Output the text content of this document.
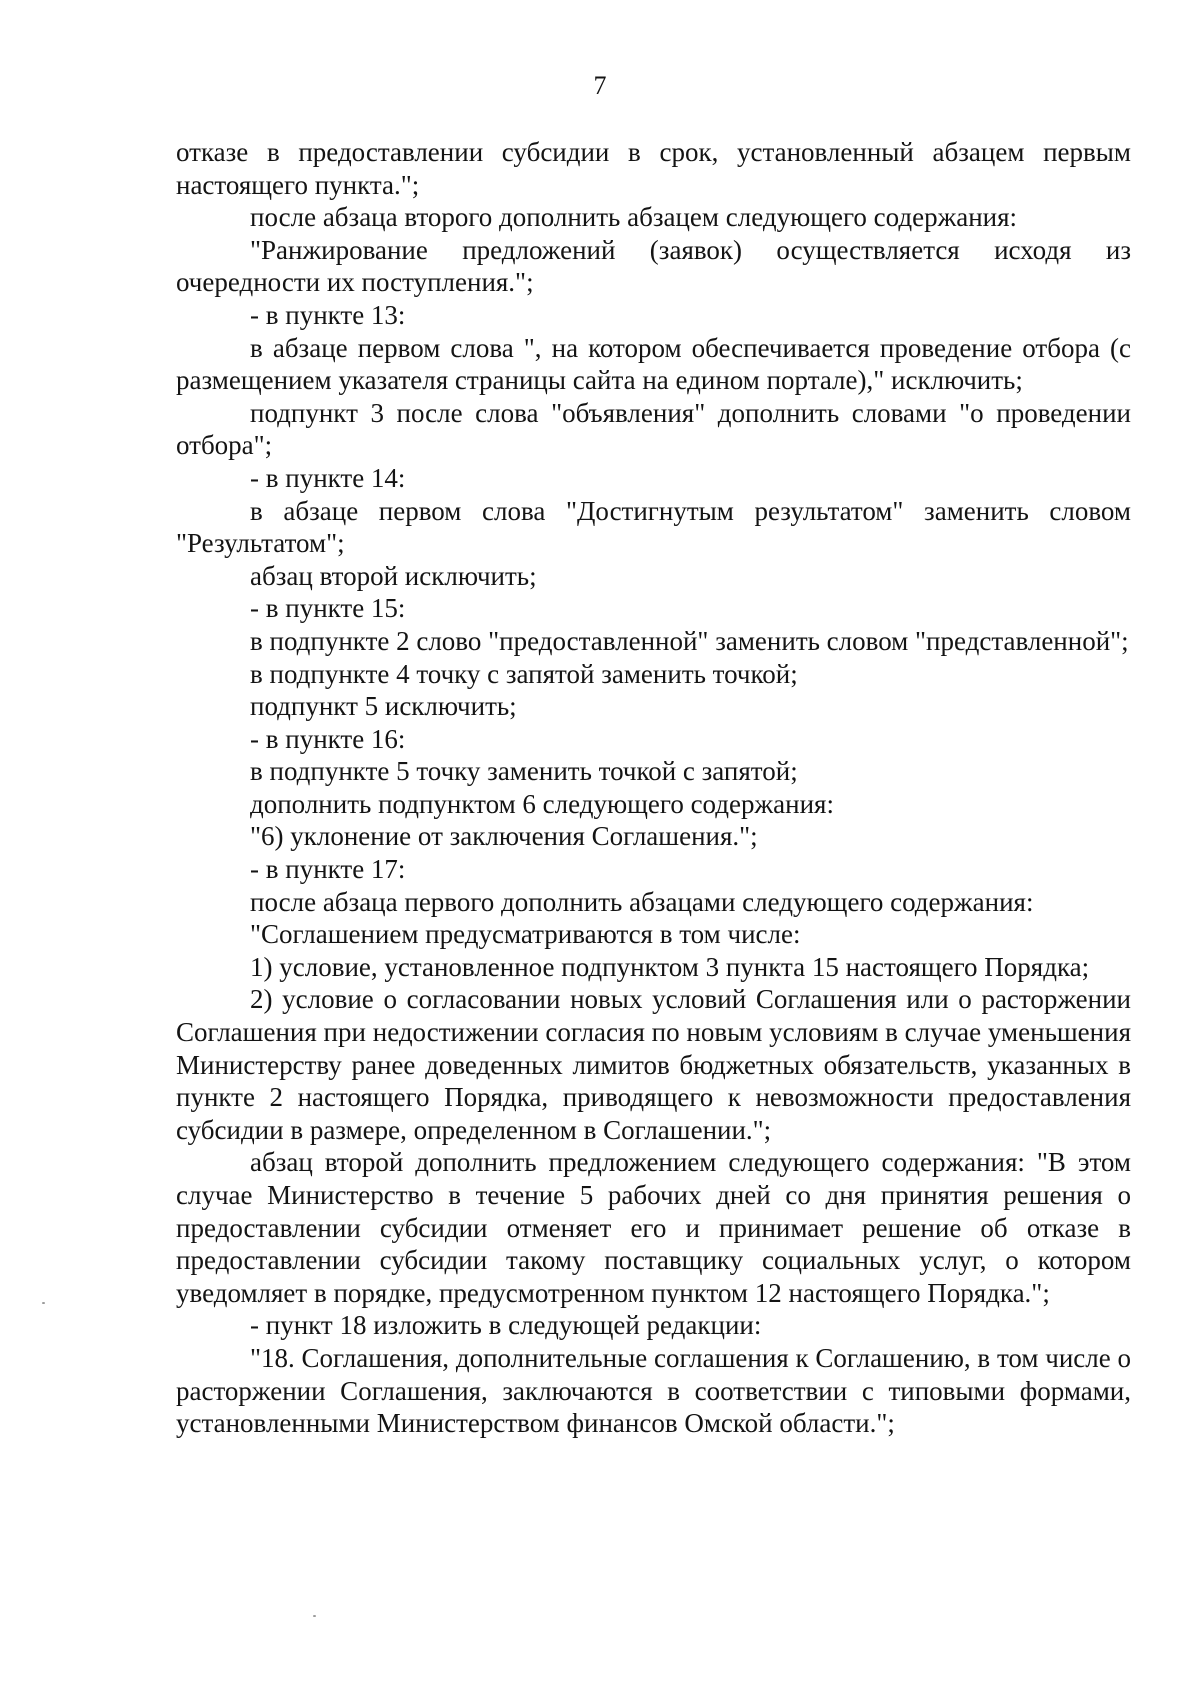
7

отказе в предоставлении субсидии в срок, установленный абзацем первым настоящего пункта.";

после абзаца второго дополнить абзацем следующего содержания:

"Ранжирование предложений (заявок) осуществляется исходя из очередности их поступления.";

- в пункте 13:

в абзаце первом слова ", на котором обеспечивается проведение отбора (с размещением указателя страницы сайта на едином портале)," исключить;

подпункт 3 после слова "объявления" дополнить словами "о проведении отбора";

- в пункте 14:

в абзаце первом слова "Достигнутым результатом" заменить словом "Результатом";

абзац второй исключить;

- в пункте 15:

в подпункте 2 слово "предоставленной" заменить словом "представленной";

в подпункте 4 точку с запятой заменить точкой;

подпункт 5 исключить;

- в пункте 16:

в подпункте 5 точку заменить точкой с запятой;

дополнить подпунктом 6 следующего содержания:

"6) уклонение от заключения Соглашения.";

- в пункте 17:

после абзаца первого дополнить абзацами следующего содержания:

"Соглашением предусматриваются в том числе:

1) условие, установленное подпунктом 3 пункта 15 настоящего Порядка;

2) условие о согласовании новых условий Соглашения или о расторжении Соглашения при недостижении согласия по новым условиям в случае уменьшения Министерству ранее доведенных лимитов бюджетных обязательств, указанных в пункте 2 настоящего Порядка, приводящего к невозможности предоставления субсидии в размере, определенном в Соглашении.";

абзац второй дополнить предложением следующего содержания: "В этом случае Министерство в течение 5 рабочих дней со дня принятия решения о предоставлении субсидии отменяет его и принимает решение об отказе в предоставлении субсидии такому поставщику социальных услуг, о котором уведомляет в порядке, предусмотренном пунктом 12 настоящего Порядка.";

- пункт 18 изложить в следующей редакции:

"18. Соглашения, дополнительные соглашения к Соглашению, в том числе о расторжении Соглашения, заключаются в соответствии с типовыми формами, установленными Министерством финансов Омской области.";
